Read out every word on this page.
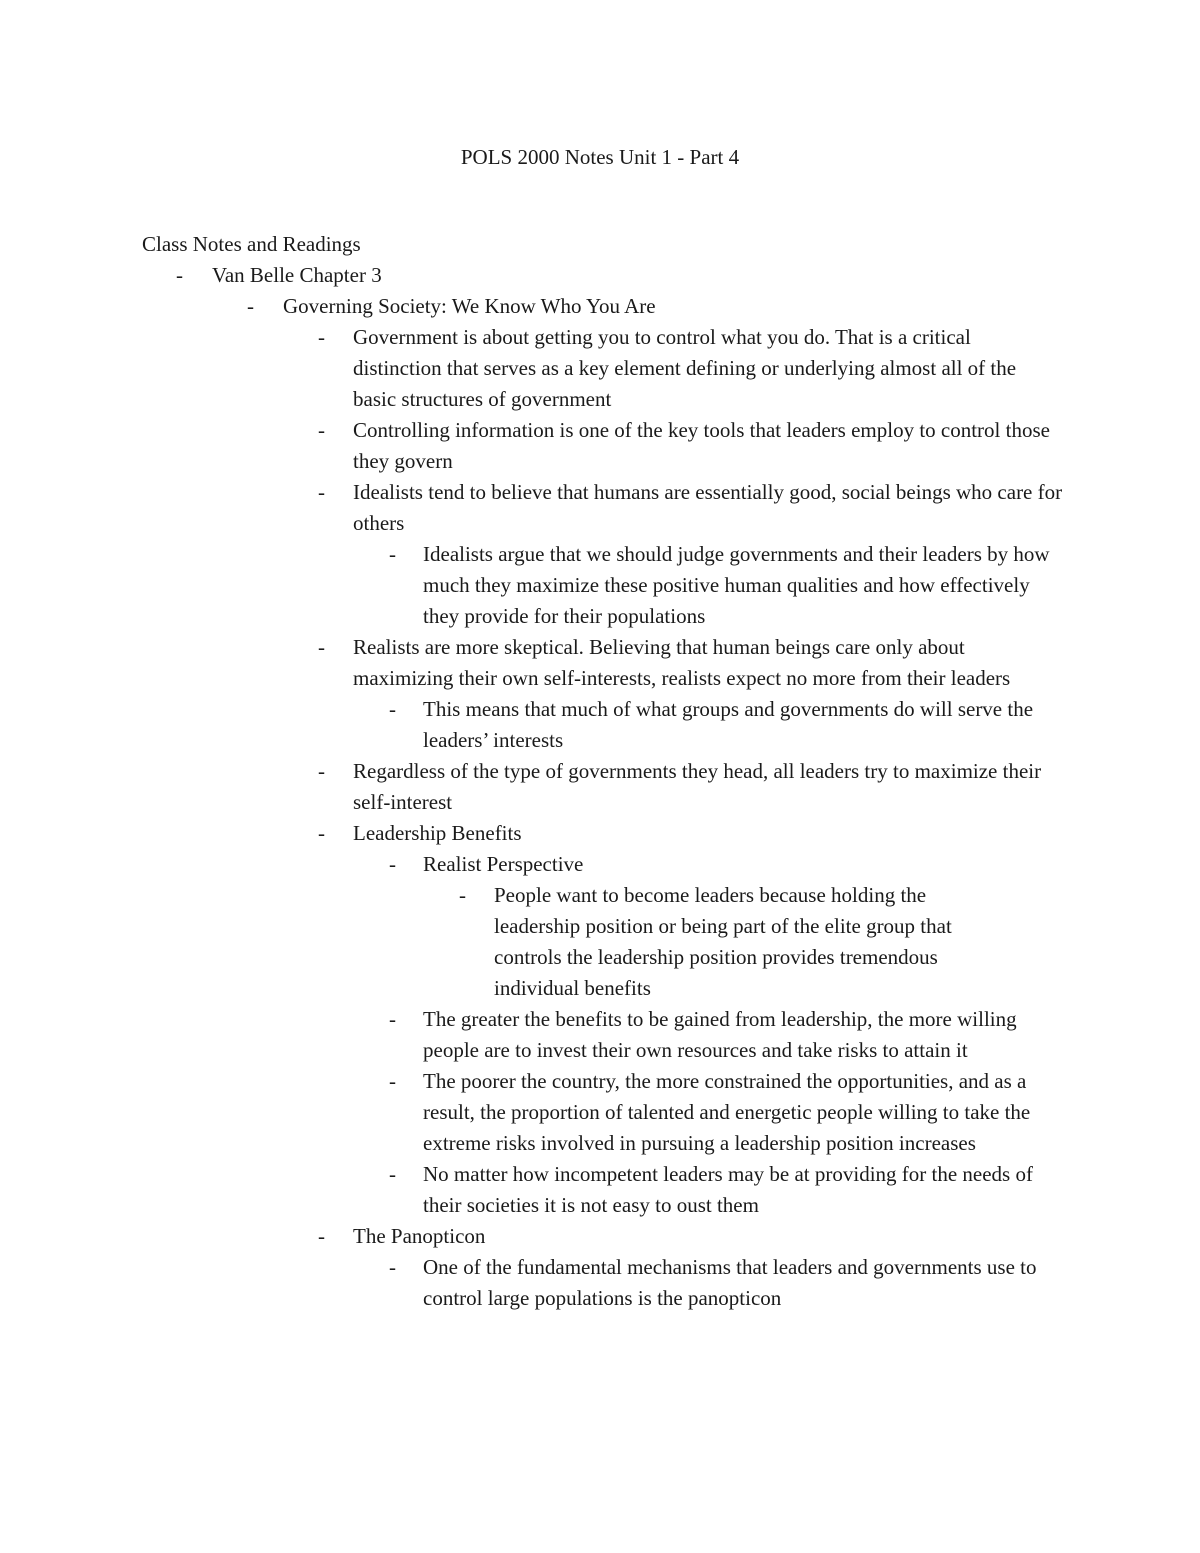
POLS 2000 Notes Unit 1 - Part 4
Class Notes and Readings
-	Van Belle Chapter 3
-	Governing Society: We Know Who You Are
-	Government is about getting you to control what you do. That is a critical distinction that serves as a key element defining or underlying almost all of the basic structures of government
-	Controlling information is one of the key tools that leaders employ to control those they govern
-	Idealists tend to believe that humans are essentially good, social beings who care for others
-	Idealists argue that we should judge governments and their leaders by how much they maximize these positive human qualities and how effectively they provide for their populations
-	Realists are more skeptical. Believing that human beings care only about maximizing their own self-interests, realists expect no more from their leaders
-	This means that much of what groups and governments do will serve the leaders’ interests
-	Regardless of the type of governments they head, all leaders try to maximize their self-interest
-	Leadership Benefits
-	Realist Perspective
-	People want to become leaders because holding the leadership position or being part of the elite group that controls the leadership position provides tremendous individual benefits
-	The greater the benefits to be gained from leadership, the more willing people are to invest their own resources and take risks to attain it
-	The poorer the country, the more constrained the opportunities, and as a result, the proportion of talented and energetic people willing to take the extreme risks involved in pursuing a leadership position increases
-	No matter how incompetent leaders may be at providing for the needs of their societies it is not easy to oust them
-	The Panopticon
-	One of the fundamental mechanisms that leaders and governments use to control large populations is the panopticon
